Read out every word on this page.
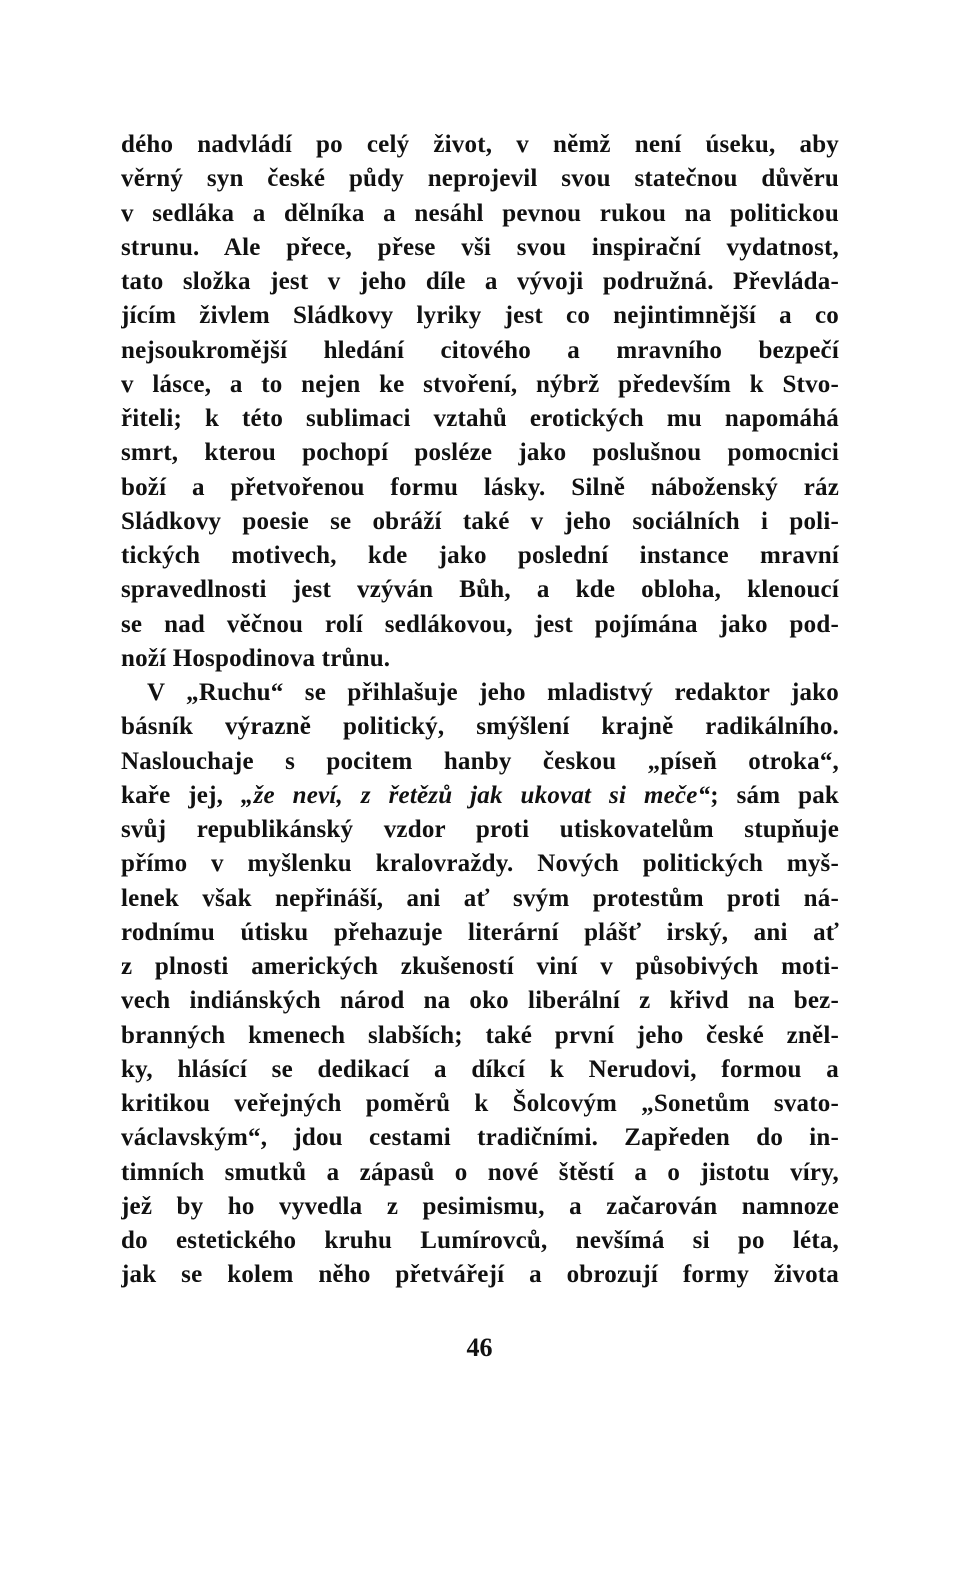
dého nadvládí po celý život, v němž není úseku, aby
věrný syn české půdy neprojevil svou statečnou důvěru
v sedláka a dělníka a nesáhl pevnou rukou na politickou
strunu. Ale přece, přese vši svou inspirační vydatnost,
tato složka jest v jeho díle a vývoji podružná. Převláda-
jícím živlem Sládkovy lyriky jest co nejintimnější a co
nejsoukromější hledání citového a mravního bezpečí
v lásce, a to nejen ke stvoření, nýbrž především k Stvo-
řiteli; k této sublimaci vztahů erotických mu napomáhá
smrt, kterou pochopí posléze jako poslušnou pomocnici
boží a přetvořenou formu lásky. Silně náboženský ráz
Sládkovy poesie se obráží také v jeho sociálních i poli-
tických motivech, kde jako poslední instance mravní
spravedlnosti jest vzýván Bůh, a kde obloha, klenoucí
se nad věčnou rolí sedlákovou, jest pojímána jako pod-
noží Hospodinova trůnu.
V „Ruchu“ se přihlašuje jeho mladistvý redaktor jako
básník výrazně politický, smýšlení krajně radikálního.
Naslouchaje s pocitem hanby českou „píseň otroka“,
kaře jej, „že neví, z řetězů jak ukovat si meče“; sám pak
svůj republikánský vzdor proti utiskovatelům stupňuje
přímo v myšlenku kralovraždy. Nových politických myš-
lenek však nepřináší, ani ať svým protestům proti ná-
rodnímu útisku přehazuje literární plášť irský, ani ať
z plnosti amerických zkušeností viní v působivých moti-
vech indiánských národ na oko liberální z křivd na bez-
branných kmenech slabších; také první jeho české zněl-
ky, hlásící se dedikací a díkcí k Nerudovi, formou a
kritikou veřejných poměrů k Šolcovým „Sonetům svato-
václavským“, jdou cestami tradičními. Zapředen do in-
timních smutků a zápasů o nové štěstí a o jistotu víry,
jež by ho vyvedla z pesimismu, a začarován namnoze
do estetického kruhu Lumírovců, nevšímá si po léta,
jak se kolem něho přetvářejí a obrozují formy života
46
